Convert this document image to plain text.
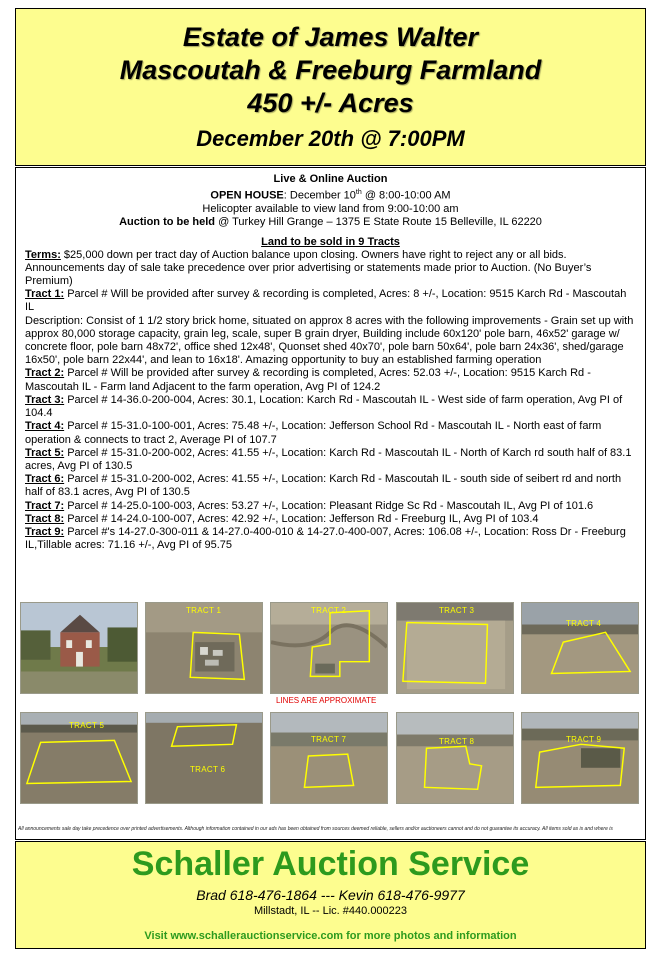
Estate of James Walter
Mascoutah & Freeburg Farmland
450 +/- Acres
December 20th @ 7:00PM
Live & Online Auction
OPEN HOUSE: December 10th @ 8:00-10:00 AM
Helicopter available to view land from 9:00-10:00 am
Auction to be held @ Turkey Hill Grange – 1375 E State Route 15 Belleville, IL 62220
Land to be sold in 9 Tracts

Terms: $25,000 down per tract day of Auction balance upon closing. Owners have right to reject any or all bids. Announcements day of sale take precedence over prior advertising or statements made prior to Auction. (No Buyer’s Premium)

Tract 1: Parcel # Will be provided after survey & recording is completed, Acres: 8 +/-, Location: 9515 Karch Rd - Mascoutah IL

Description: Consist of 1 1/2 story brick home, situated on approx 8 acres with the following improvements - Grain set up with approx 80,000 storage capacity, grain leg, scale, super B grain dryer, Building include 60x120' pole barn, 46x52' garage w/ concrete floor, pole barn 48x72', office shed 12x48', Quonset shed 40x70', pole barn 50x64', pole barn 24x36', shed/garage 16x50', pole barn 22x44', and lean to 16x18'. Amazing opportunity to buy an established farming operation

Tract 2: Parcel # Will be provided after survey & recording is completed, Acres: 52.03 +/-, Location: 9515 Karch Rd - Mascoutah IL - Farm land Adjacent to the farm operation, Avg PI of 124.2

Tract 3: Parcel # 14-36.0-200-004, Acres: 30.1, Location: Karch Rd - Mascoutah IL - West side of farm operation, Avg PI of 104.4

Tract 4: Parcel # 15-31.0-100-001, Acres: 75.48 +/-, Location: Jefferson School Rd - Mascoutah IL - North east of farm operation & connects to tract 2, Average PI of 107.7

Tract 5: Parcel # 15-31.0-200-002, Acres: 41.55 +/-, Location: Karch Rd - Mascoutah IL - North of Karch rd south half of 83.1 acres, Avg PI of 130.5

Tract 6: Parcel # 15-31.0-200-002, Acres: 41.55 +/-, Location: Karch Rd - Mascoutah IL - south side of seibert rd and north half of 83.1 acres, Avg PI of 130.5

Tract 7: Parcel # 14-25.0-100-003, Acres: 53.27 +/-, Location: Pleasant Ridge Sc Rd - Mascoutah IL, Avg PI of 101.6

Tract 8: Parcel # 14-24.0-100-007, Acres: 42.92 +/-, Location: Jefferson Rd - Freeburg IL, Avg PI of 103.4

Tract 9: Parcel #'s 14-27.0-300-011 & 14-27.0-400-010 & 14-27.0-400-007, Acres: 106.08 +/-, Location: Ross Dr - Freeburg IL,Tillable acres: 71.16 +/-, Avg PI of 95.75

TRACT 1	TRACT 2	TRACT 3
TRACT 4
LINES ARE APPROXIMATE
TRACT 5
TRACT 6
TRACT 7	TRACT 8	TRACT 9
All announcements sale day take precedence over printed advertisements. Although information contained in our ads has been obtained from sources deemed reliable, sellers and/or auctioneers cannot and do not guarantee its accuracy. All items sold as is and where is
Schaller Auction Service
Brad 618-476-1864 --- Kevin 618-476-9977
Millstadt, IL -- Lic. #440.000223
Visit www.schallerauctionservice.com for more photos and information
